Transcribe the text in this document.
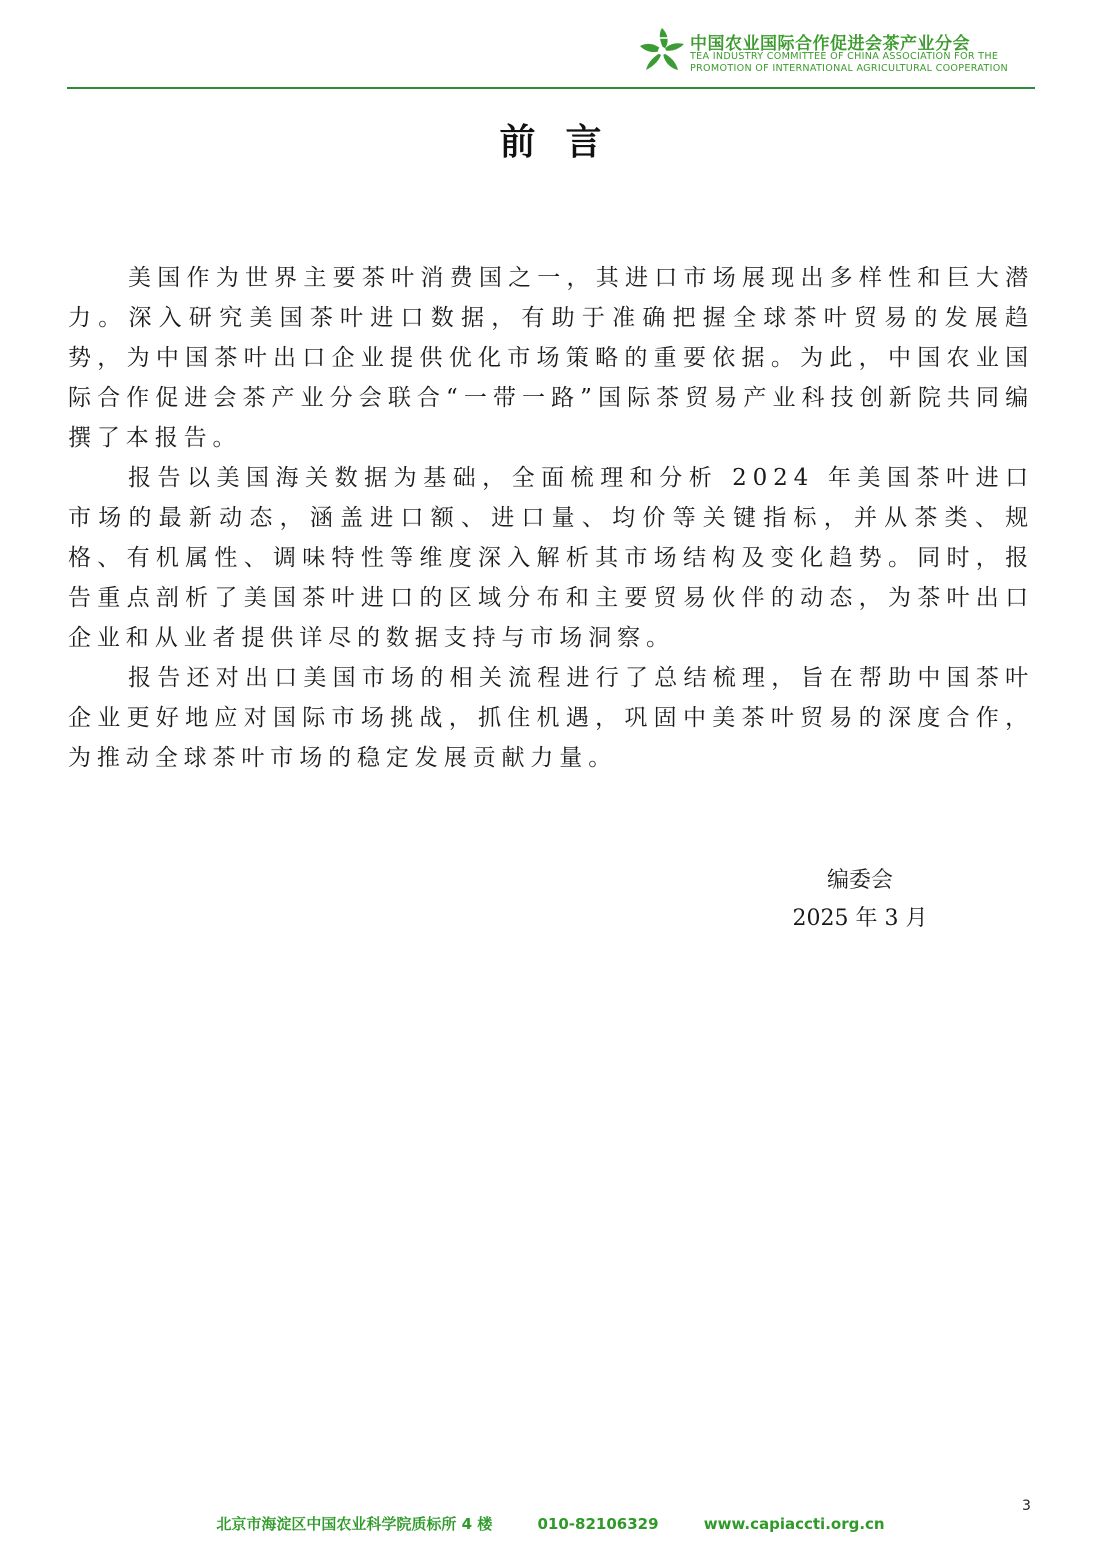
中国农业国际合作促进会茶产业分会
TEA INDUSTRY COMMITTEE OF CHINA ASSOCIATION FOR THE PROMOTION OF INTERNATIONAL AGRICULTURAL COOPERATION
前言

美国作为世界主要茶叶消费国之一，其进口市场展现出多样性和巨大潜力。深入研究美国茶叶进口数据，有助于准确把握全球茶叶贸易的发展趋势，为中国茶叶出口企业提供优化市场策略的重要依据。为此，中国农业国际合作促进会茶产业分会联合“一带一路”国际茶贸易产业科技创新院共同编撰了本报告。

报告以美国海关数据为基础，全面梳理和分析 2024 年美国茶叶进口市场的最新动态，涵盖进口额、进口量、均价等关键指标，并从茶类、规格、有机属性、调味特性等维度深入解析其市场结构及变化趋势。同时，报告重点剖析了美国茶叶进口的区域分布和主要贸易伙伴的动态，为茶叶出口企业和从业者提供详尽的数据支持与市场洞察。

报告还对出口美国市场的相关流程进行了总结梳理，旨在帮助中国茶叶企业更好地应对国际市场挑战，抓住机遇，巩固中美茶叶贸易的深度合作，为推动全球茶叶市场的稳定发展贡献力量。

编委会
2025 年 3 月
3
北京市海淀区中国农业科学院质标所 4 楼	010-82106329	www.capiaccti.org.cn
